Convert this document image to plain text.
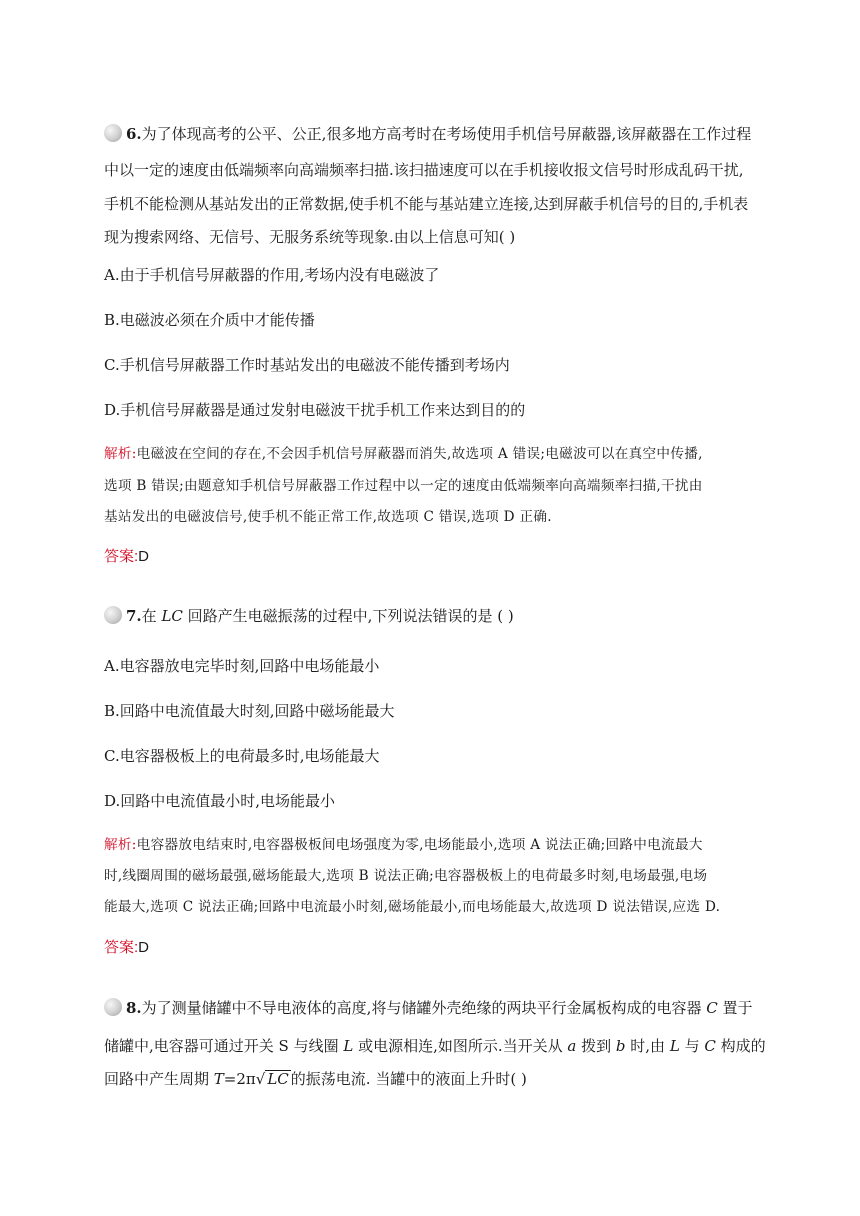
6.为了体现高考的公平、公正,很多地方高考时在考场使用手机信号屏蔽器,该屏蔽器在工作过程
中以一定的速度由低端频率向高端频率扫描.该扫描速度可以在手机接收报文信号时形成乱码干扰,
手机不能检测从基站发出的正常数据,使手机不能与基站建立连接,达到屏蔽手机信号的目的,手机表
现为搜索网络、无信号、无服务系统等现象.由以上信息可知( )
A.由于手机信号屏蔽器的作用,考场内没有电磁波了
B.电磁波必须在介质中才能传播
C.手机信号屏蔽器工作时基站发出的电磁波不能传播到考场内
D.手机信号屏蔽器是通过发射电磁波干扰手机工作来达到目的的
解析:电磁波在空间的存在,不会因手机信号屏蔽器而消失,故选项 A 错误;电磁波可以在真空中传播,
选项 B 错误;由题意知手机信号屏蔽器工作过程中以一定的速度由低端频率向高端频率扫描,干扰由
基站发出的电磁波信号,使手机不能正常工作,故选项 C 错误,选项 D 正确.
答案:D
7.在 LC 回路产生电磁振荡的过程中,下列说法错误的是 ( )
A.电容器放电完毕时刻,回路中电场能最小
B.回路中电流值最大时刻,回路中磁场能最大
C.电容器极板上的电荷最多时,电场能最大
D.回路中电流值最小时,电场能最小
解析:电容器放电结束时,电容器极板间电场强度为零,电场能最小,选项 A 说法正确;回路中电流最大
时,线圈周围的磁场最强,磁场能最大,选项 B 说法正确;电容器极板上的电荷最多时刻,电场最强,电场
能最大,选项 C 说法正确;回路中电流最小时刻,磁场能最小,而电场能最大,故选项 D 说法错误,应选 D.
答案:D
8.为了测量储罐中不导电液体的高度,将与储罐外壳绝缘的两块平行金属板构成的电容器 C 置于
储罐中,电容器可通过开关 S 与线圈 L 或电源相连,如图所示.当开关从 a 拨到 b 时,由 L 与 C 构成的
回路中产生周期 T=2π√ LC 的振荡电流. 当罐中的液面上升时( )
